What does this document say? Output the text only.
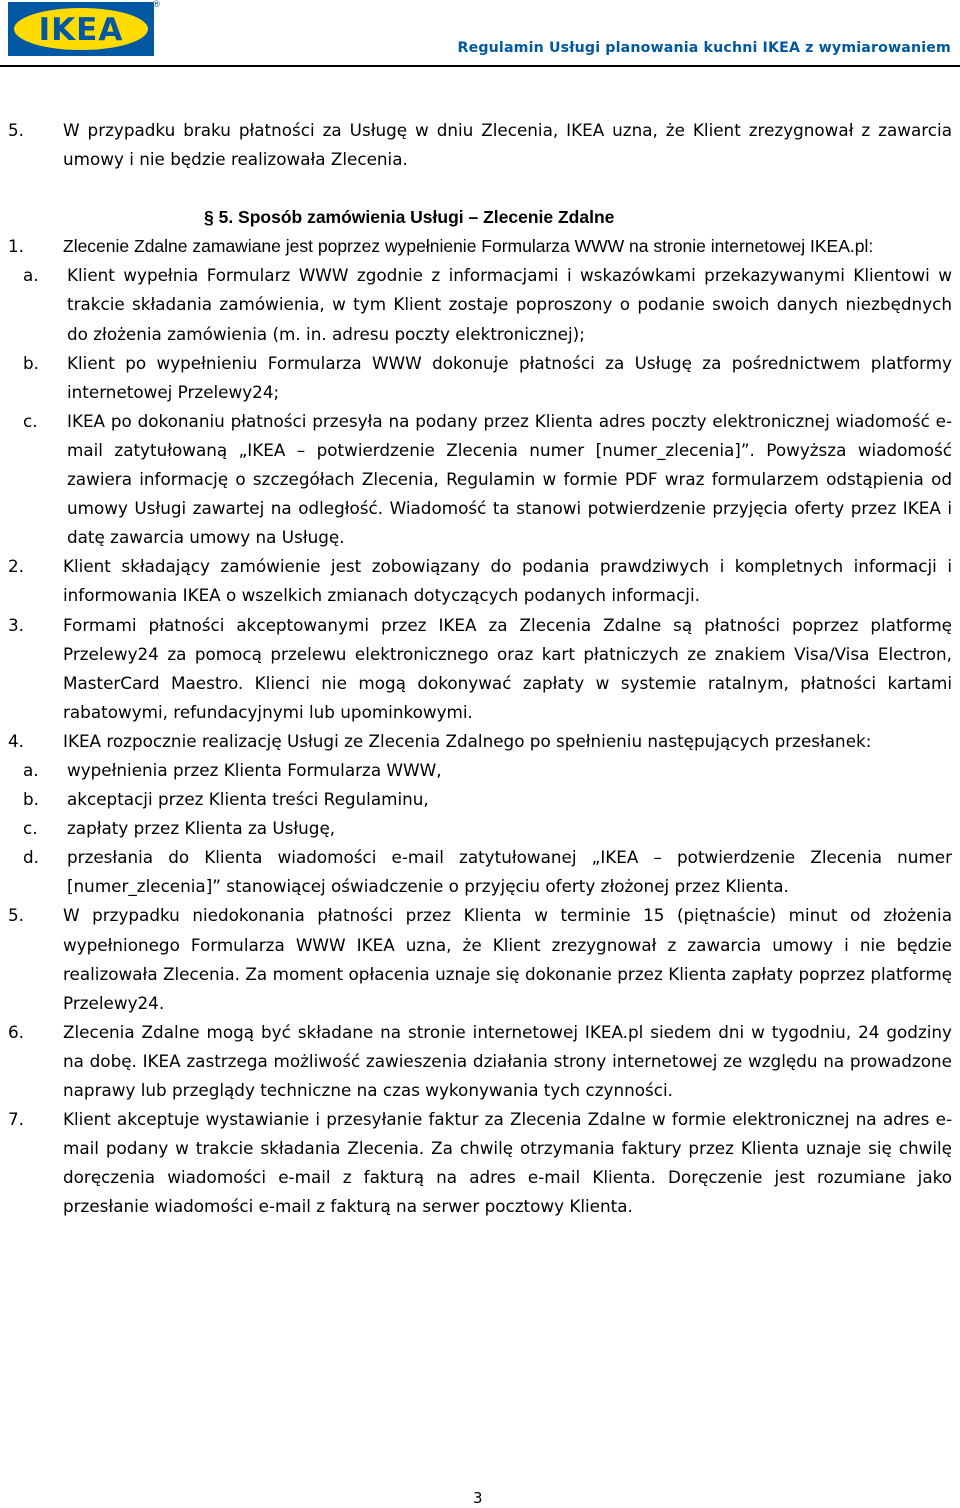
IKEA
®
Regulamin Usługi planowania kuchni IKEA z wymiarowaniem
5. W przypadku braku płatności za Usługę w dniu Zlecenia, IKEA uzna, że Klient zrezygnował z zawarcia umowy i nie będzie realizowała Zlecenia.
§ 5. Sposób zamówienia Usługi – Zlecenie Zdalne
1. Zlecenie Zdalne zamawiane jest poprzez wypełnienie Formularza WWW na stronie internetowej IKEA.pl:
a. Klient wypełnia Formularz WWW zgodnie z informacjami i wskazówkami przekazywanymi Klientowi w trakcie składania zamówienia, w tym Klient zostaje poproszony o podanie swoich danych niezbędnych do złożenia zamówienia (m. in. adresu poczty elektronicznej);
b. Klient po wypełnieniu Formularza WWW dokonuje płatności za Usługę za pośrednictwem platformy internetowej Przelewy24;
c. IKEA po dokonaniu płatności przesyła na podany przez Klienta adres poczty elektronicznej wiadomość e-mail zatytułowaną „IKEA – potwierdzenie Zlecenia numer [numer_zlecenia]”. Powyższa wiadomość zawiera informację o szczegółach Zlecenia, Regulamin w formie PDF wraz formularzem odstąpienia od umowy Usługi zawartej na odległość. Wiadomość ta stanowi potwierdzenie przyjęcia oferty przez IKEA i datę zawarcia umowy na Usługę.
2. Klient składający zamówienie jest zobowiązany do podania prawdziwych i kompletnych informacji i informowania IKEA o wszelkich zmianach dotyczących podanych informacji.
3. Formami płatności akceptowanymi przez IKEA za Zlecenia Zdalne są płatności poprzez platformę Przelewy24 za pomocą przelewu elektronicznego oraz kart płatniczych ze znakiem Visa/Visa Electron, MasterCard Maestro. Klienci nie mogą dokonywać zapłaty w systemie ratalnym, płatności kartami rabatowymi, refundacyjnymi lub upominkowymi.
4. IKEA rozpocznie realizację Usługi ze Zlecenia Zdalnego po spełnieniu następujących przesłanek:
a. wypełnienia przez Klienta Formularza WWW,
b. akceptacji przez Klienta treści Regulaminu,
c. zapłaty przez Klienta za Usługę,
d. przesłania do Klienta wiadomości e-mail zatytułowanej „IKEA – potwierdzenie Zlecenia numer [numer_zlecenia]” stanowiącej oświadczenie o przyjęciu oferty złożonej przez Klienta.
5. W przypadku niedokonania płatności przez Klienta w terminie 15 (piętnaście) minut od złożenia wypełnionego Formularza WWW IKEA uzna, że Klient zrezygnował z zawarcia umowy i nie będzie realizowała Zlecenia. Za moment opłacenia uznaje się dokonanie przez Klienta zapłaty poprzez platformę Przelewy24.
6. Zlecenia Zdalne mogą być składane na stronie internetowej IKEA.pl siedem dni w tygodniu, 24 godziny na dobę. IKEA zastrzega możliwość zawieszenia działania strony internetowej ze względu na prowadzone naprawy lub przeglądy techniczne na czas wykonywania tych czynności.
7. Klient akceptuje wystawianie i przesyłanie faktur za Zlecenia Zdalne w formie elektronicznej na adres e-mail podany w trakcie składania Zlecenia. Za chwilę otrzymania faktury przez Klienta uznaje się chwilę doręczenia wiadomości e-mail z fakturą na adres e-mail Klienta. Doręczenie jest rozumiane jako przesłanie wiadomości e-mail z fakturą na serwer pocztowy Klienta.
3
